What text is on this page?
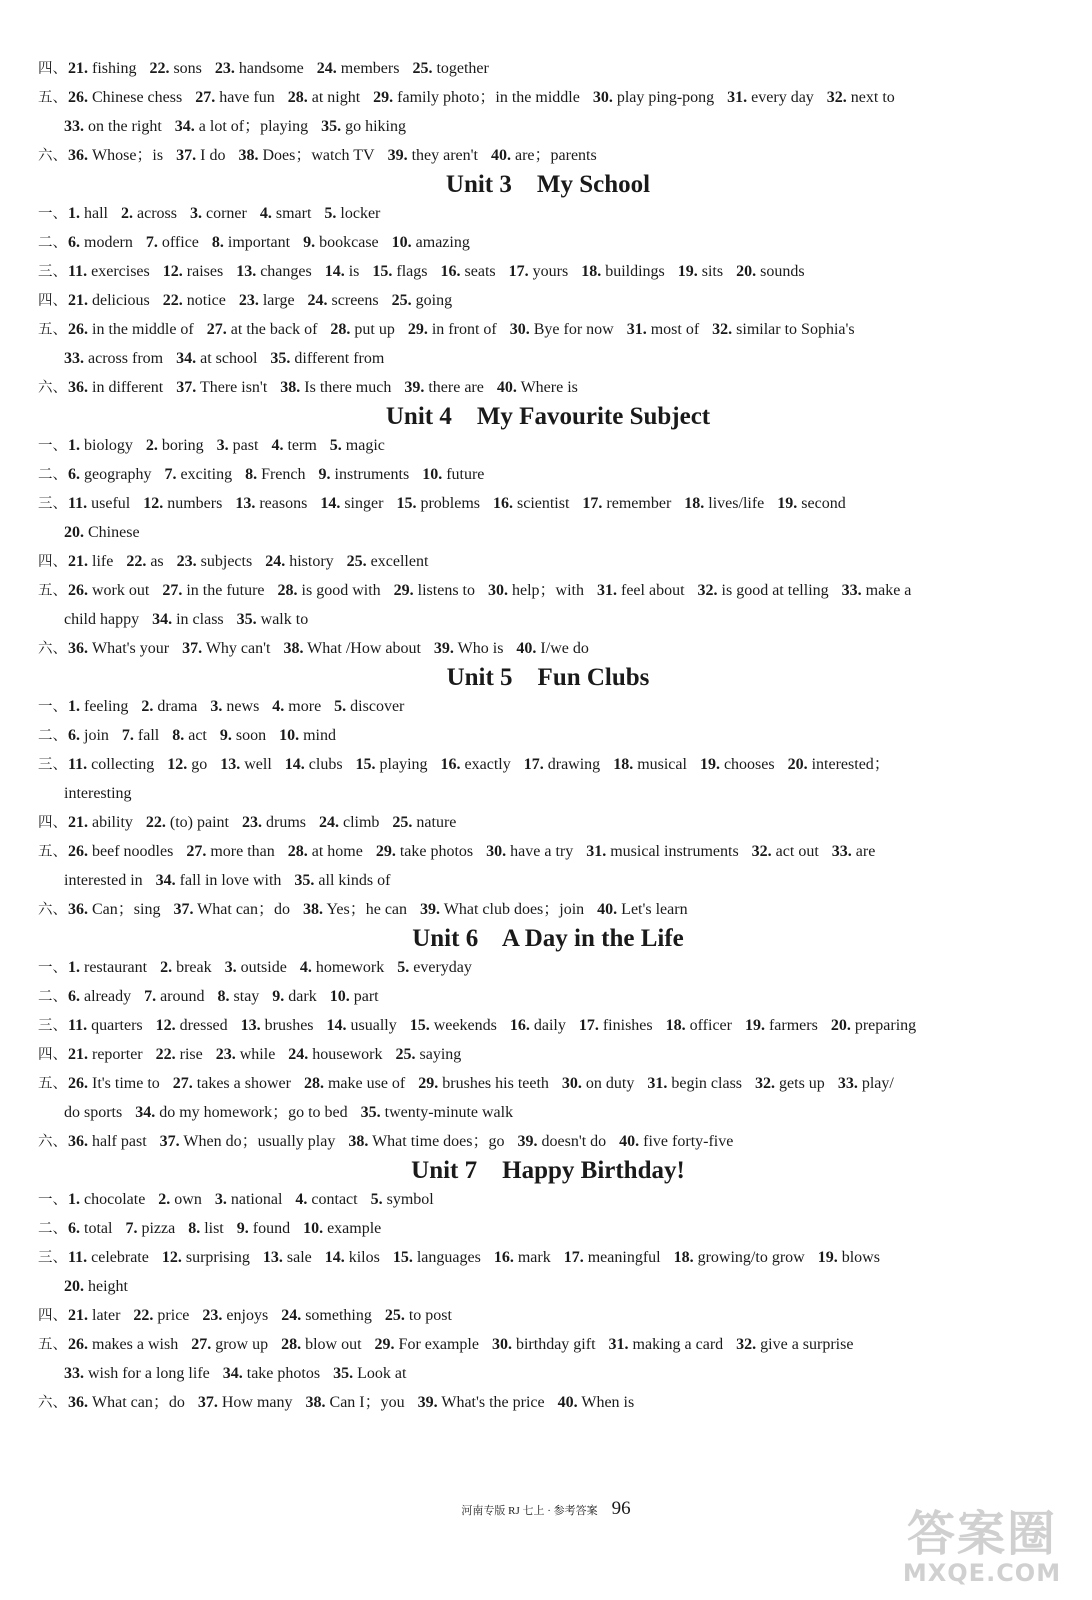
四、21. fishing 22. sons 23. handsome 24. members 25. together
五、26. Chinese chess 27. have fun 28. at night 29. family photo；in the middle 30. play ping-pong 31. every day 32. next to
33. on the right 34. a lot of；playing 35. go hiking
六、36. Whose；is 37. I do 38. Does；watch TV 39. they aren't 40. are；parents
Unit 3    My School
一、1. hall 2. across 3. corner 4. smart 5. locker
二、6. modern 7. office 8. important 9. bookcase 10. amazing
三、11. exercises 12. raises 13. changes 14. is 15. flags 16. seats 17. yours 18. buildings 19. sits 20. sounds
四、21. delicious 22. notice 23. large 24. screens 25. going
五、26. in the middle of 27. at the back of 28. put up 29. in front of 30. Bye for now 31. most of 32. similar to Sophia's
33. across from 34. at school 35. different from
六、36. in different 37. There isn't 38. Is there much 39. there are 40. Where is
Unit 4    My Favourite Subject
一、1. biology 2. boring 3. past 4. term 5. magic
二、6. geography 7. exciting 8. French 9. instruments 10. future
三、11. useful 12. numbers 13. reasons 14. singer 15. problems 16. scientist 17. remember 18. lives/life 19. second
20. Chinese
四、21. life 22. as 23. subjects 24. history 25. excellent
五、26. work out 27. in the future 28. is good with 29. listens to 30. help；with 31. feel about 32. is good at telling 33. make a
child happy 34. in class 35. walk to
六、36. What's your 37. Why can't 38. What /How about 39. Who is 40. I/we do
Unit 5    Fun Clubs
一、1. feeling 2. drama 3. news 4. more 5. discover
二、6. join 7. fall 8. act 9. soon 10. mind
三、11. collecting 12. go 13. well 14. clubs 15. playing 16. exactly 17. drawing 18. musical 19. chooses 20. interested；
interesting
四、21. ability 22. (to) paint 23. drums 24. climb 25. nature
五、26. beef noodles 27. more than 28. at home 29. take photos 30. have a try 31. musical instruments 32. act out 33. are
interested in 34. fall in love with 35. all kinds of
六、36. Can；sing 37. What can；do 38. Yes；he can 39. What club does；join 40. Let's learn
Unit 6    A Day in the Life
一、1. restaurant 2. break 3. outside 4. homework 5. everyday
二、6. already 7. around 8. stay 9. dark 10. part
三、11. quarters 12. dressed 13. brushes 14. usually 15. weekends 16. daily 17. finishes 18. officer 19. farmers 20. preparing
四、21. reporter 22. rise 23. while 24. housework 25. saying
五、26. It's time to 27. takes a shower 28. make use of 29. brushes his teeth 30. on duty 31. begin class 32. gets up 33. play/
do sports 34. do my homework；go to bed 35. twenty-minute walk
六、36. half past 37. When do；usually play 38. What time does；go 39. doesn't do 40. five forty-five
Unit 7    Happy Birthday!
一、1. chocolate 2. own 3. national 4. contact 5. symbol
二、6. total 7. pizza 8. list 9. found 10. example
三、11. celebrate 12. surprising 13. sale 14. kilos 15. languages 16. mark 17. meaningful 18. growing/to grow 19. blows
20. height
四、21. later 22. price 23. enjoys 24. something 25. to post
五、26. makes a wish 27. grow up 28. blow out 29. For example 30. birthday gift 31. making a card 32. give a surprise
33. wish for a long life 34. take photos 35. Look at
六、36. What can；do 37. How many 38. Can I；you 39. What's the price 40. When is
河南专版 RJ 七上 · 参考答案 96	答案圈
MXQE.COM
